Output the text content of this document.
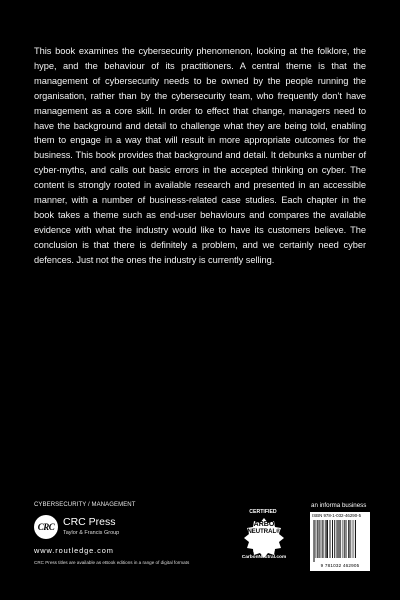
This book examines the cybersecurity phenomenon, looking at the folklore, the hype, and the behaviour of its practitioners. A central theme is that the management of cybersecurity needs to be owned by the people running the organisation, rather than by the cybersecurity team, who frequently don’t have management as a core skill. In order to effect that change, managers need to have the background and detail to challenge what they are being told, enabling them to engage in a way that will result in more appropriate outcomes for the business. This book provides that background and detail. It debunks a number of cyber-myths, and calls out basic errors in the accepted thinking on cyber. The content is strongly rooted in available research and presented in an accessible manner, with a number of business-related case studies. Each chapter in the book takes a theme such as end-user behaviours and compares the available evidence with what the industry would like to have its customers believe. The conclusion is that there is definitely a problem, and we certainly need cyber defences. Just not the ones the industry is currently selling.
CYBERSECURITY / MANAGEMENT
CRC CRC Press
Taylor & Francis Group
www.routledge.com
CRC Press titles are available as eBook editions in a range of digital formats
CERTIFIED
CARBON
NEUTRAL®
publication
CarbonNeutral.com
an informa business
ISBN 978-1-032-46290-5
9 781032 462905
